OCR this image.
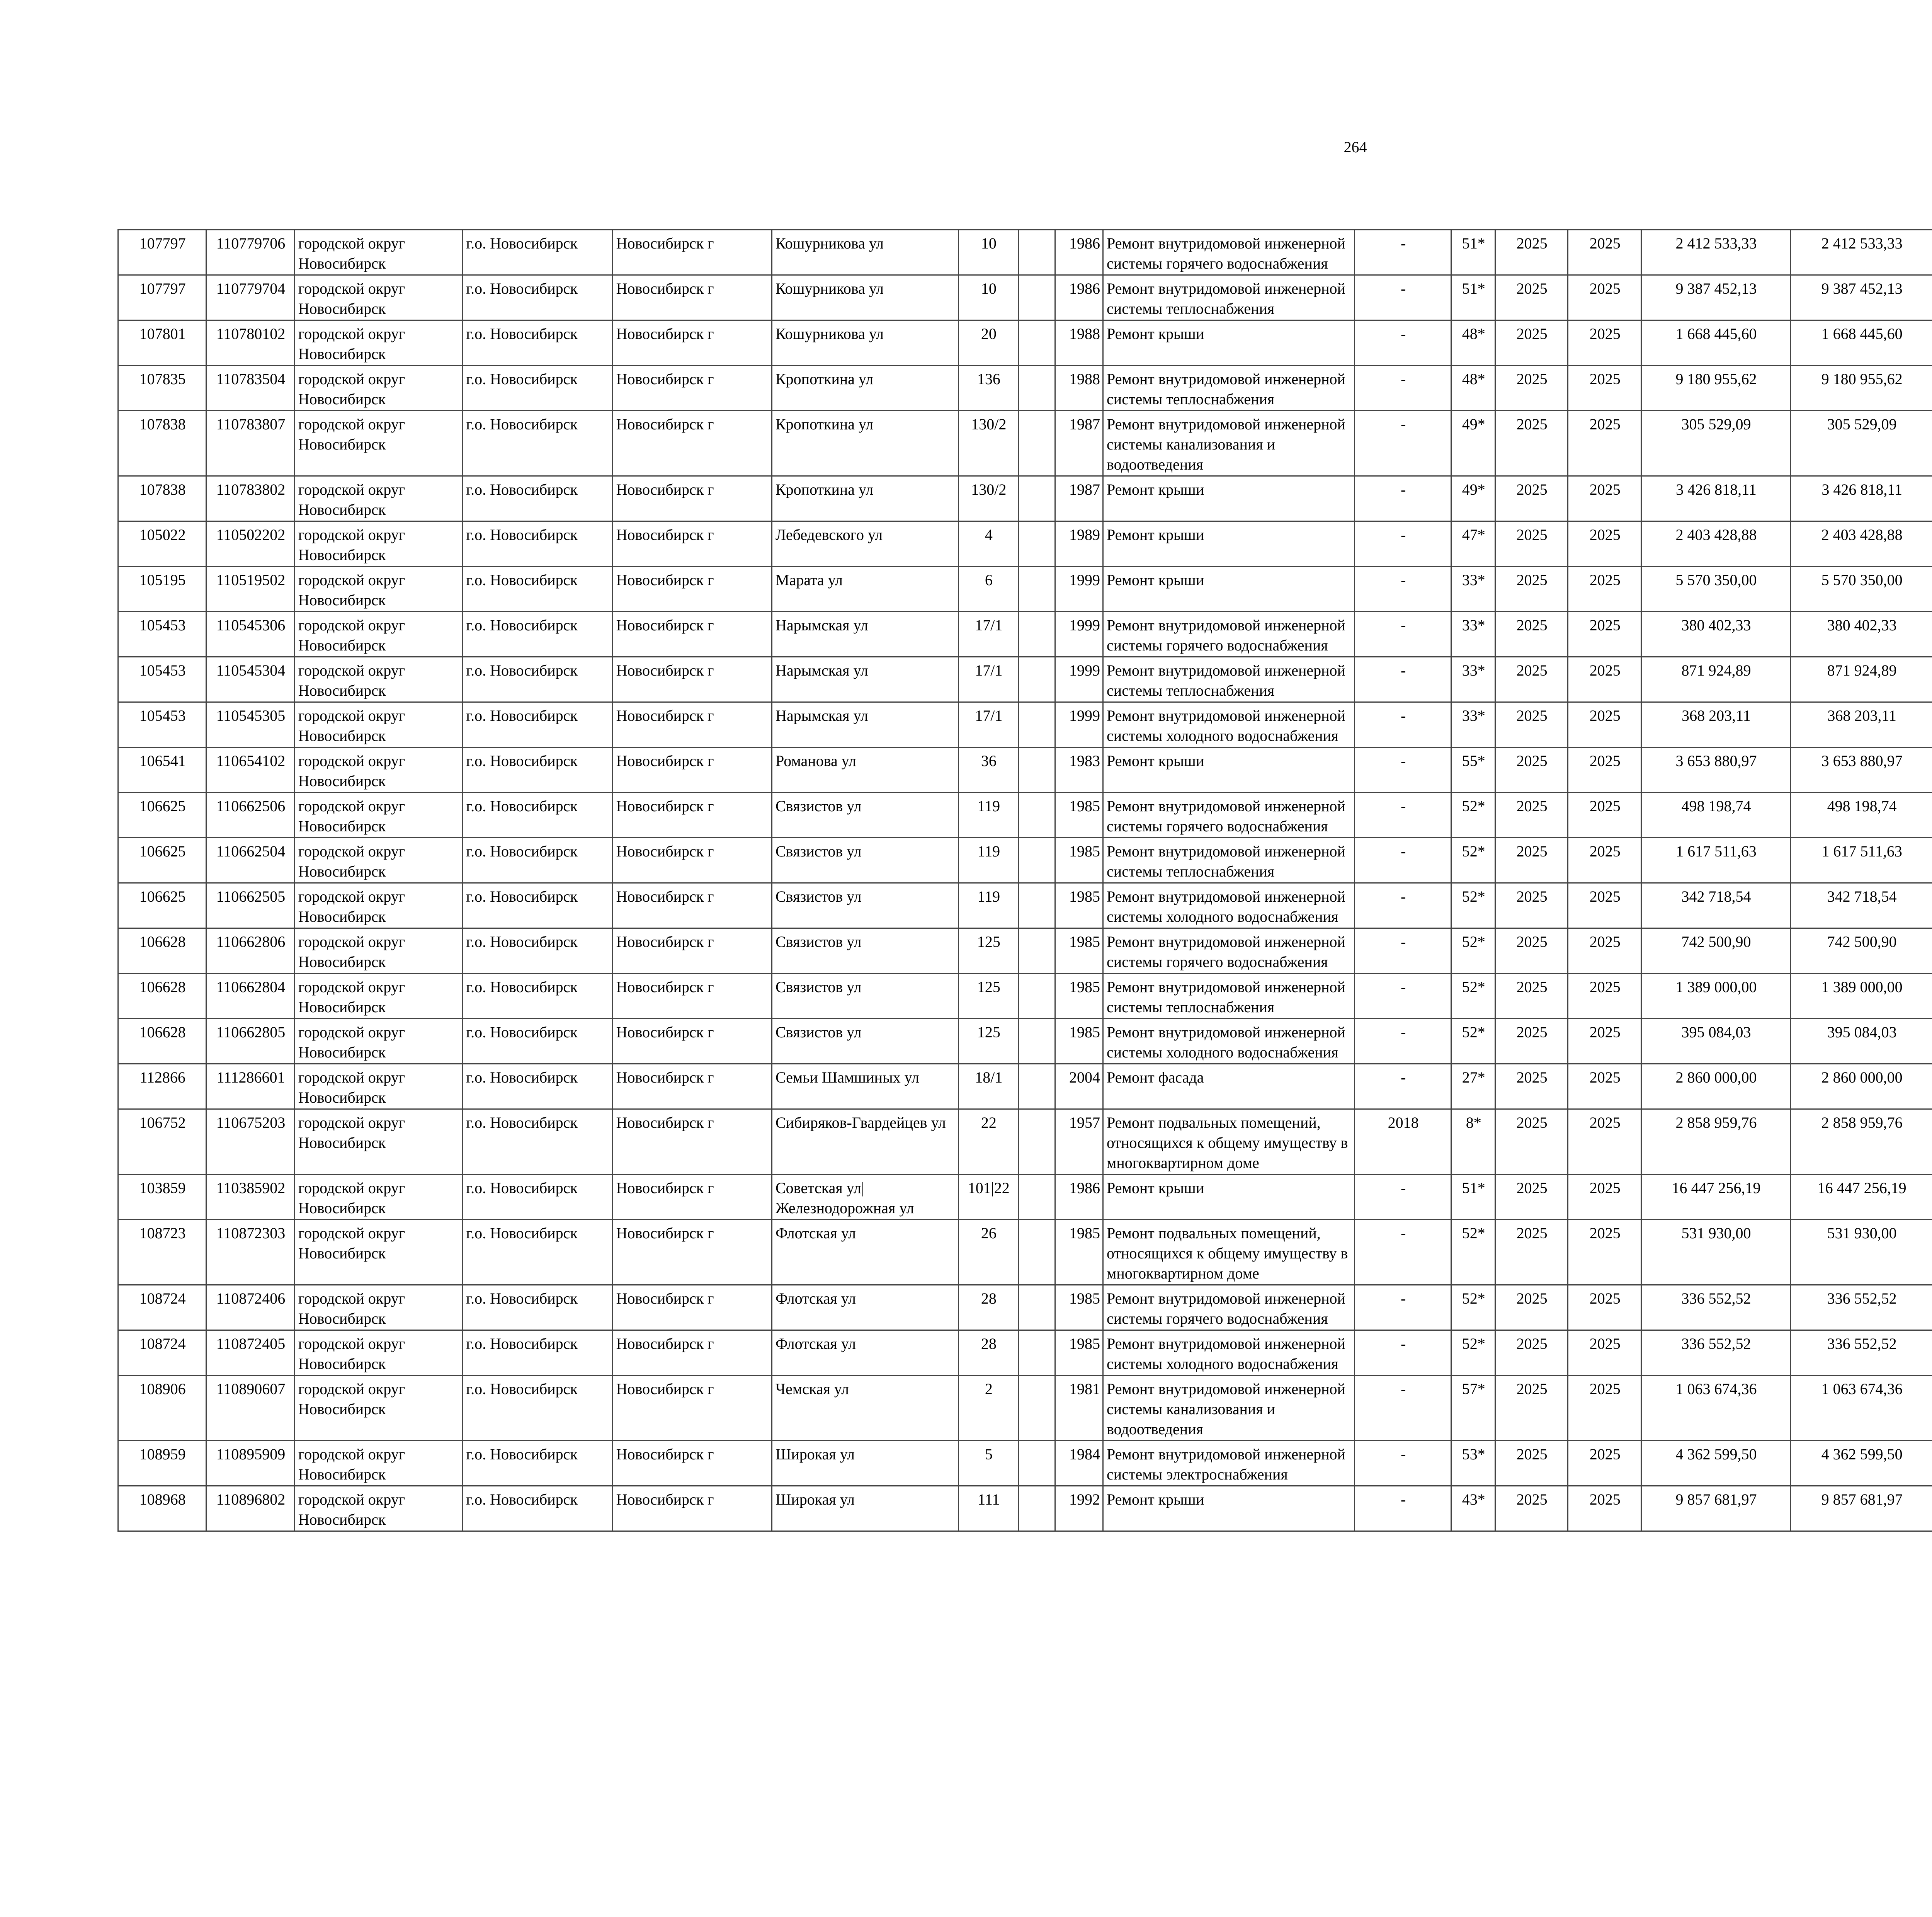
264
107797	110779706	городской округ Новосибирск	г.о. Новосибирск	Новосибирск г	Кошурникова ул	10		1986	Ремонт внутридомовой инженерной системы горячего водоснабжения	-	51*	2025	2025	2 412 533,33	2 412 533,33						
107797	110779704	городской округ Новосибирск	г.о. Новосибирск	Новосибирск г	Кошурникова ул	10		1986	Ремонт внутридомовой инженерной системы теплоснабжения	-	51*	2025	2025	9 387 452,13	9 387 452,13						
107801	110780102	городской округ Новосибирск	г.о. Новосибирск	Новосибирск г	Кошурникова ул	20		1988	Ремонт крыши	-	48*	2025	2025	1 668 445,60	1 668 445,60						
107835	110783504	городской округ Новосибирск	г.о. Новосибирск	Новосибирск г	Кропоткина ул	136		1988	Ремонт внутридомовой инженерной системы теплоснабжения	-	48*	2025	2025	9 180 955,62	9 180 955,62						
107838	110783807	городской округ Новосибирск	г.о. Новосибирск	Новосибирск г	Кропоткина ул	130/2		1987	Ремонт внутридомовой инженерной системы канализования и водоотведения	-	49*	2025	2025	305 529,09	305 529,09						
107838	110783802	городской округ Новосибирск	г.о. Новосибирск	Новосибирск г	Кропоткина ул	130/2		1987	Ремонт крыши	-	49*	2025	2025	3 426 818,11	3 426 818,11						
105022	110502202	городской округ Новосибирск	г.о. Новосибирск	Новосибирск г	Лебедевского ул	4		1989	Ремонт крыши	-	47*	2025	2025	2 403 428,88	2 403 428,88						
105195	110519502	городской округ Новосибирск	г.о. Новосибирск	Новосибирск г	Марата ул	6		1999	Ремонт крыши	-	33*	2025	2025	5 570 350,00	5 570 350,00						
105453	110545306	городской округ Новосибирск	г.о. Новосибирск	Новосибирск г	Нарымская ул	17/1		1999	Ремонт внутридомовой инженерной системы горячего водоснабжения	-	33*	2025	2025	380 402,33	380 402,33						
105453	110545304	городской округ Новосибирск	г.о. Новосибирск	Новосибирск г	Нарымская ул	17/1		1999	Ремонт внутридомовой инженерной системы теплоснабжения	-	33*	2025	2025	871 924,89	871 924,89						
105453	110545305	городской округ Новосибирск	г.о. Новосибирск	Новосибирск г	Нарымская ул	17/1		1999	Ремонт внутридомовой инженерной системы холодного водоснабжения	-	33*	2025	2025	368 203,11	368 203,11						
106541	110654102	городской округ Новосибирск	г.о. Новосибирск	Новосибирск г	Романова ул	36		1983	Ремонт крыши	-	55*	2025	2025	3 653 880,97	3 653 880,97						
106625	110662506	городской округ Новосибирск	г.о. Новосибирск	Новосибирск г	Связистов ул	119		1985	Ремонт внутридомовой инженерной системы горячего водоснабжения	-	52*	2025	2025	498 198,74	498 198,74						
106625	110662504	городской округ Новосибирск	г.о. Новосибирск	Новосибирск г	Связистов ул	119		1985	Ремонт внутридомовой инженерной системы теплоснабжения	-	52*	2025	2025	1 617 511,63	1 617 511,63						
106625	110662505	городской округ Новосибирск	г.о. Новосибирск	Новосибирск г	Связистов ул	119		1985	Ремонт внутридомовой инженерной системы холодного водоснабжения	-	52*	2025	2025	342 718,54	342 718,54						
106628	110662806	городской округ Новосибирск	г.о. Новосибирск	Новосибирск г	Связистов ул	125		1985	Ремонт внутридомовой инженерной системы горячего водоснабжения	-	52*	2025	2025	742 500,90	742 500,90						
106628	110662804	городской округ Новосибирск	г.о. Новосибирск	Новосибирск г	Связистов ул	125		1985	Ремонт внутридомовой инженерной системы теплоснабжения	-	52*	2025	2025	1 389 000,00	1 389 000,00						
106628	110662805	городской округ Новосибирск	г.о. Новосибирск	Новосибирск г	Связистов ул	125		1985	Ремонт внутридомовой инженерной системы холодного водоснабжения	-	52*	2025	2025	395 084,03	395 084,03						
112866	111286601	городской округ Новосибирск	г.о. Новосибирск	Новосибирск г	Семьи Шамшиных ул	18/1		2004	Ремонт фасада	-	27*	2025	2025	2 860 000,00	2 860 000,00						
106752	110675203	городской округ Новосибирск	г.о. Новосибирск	Новосибирск г	Сибиряков-Гвардейцев ул	22		1957	Ремонт подвальных помещений, относящихся к общему имуществу в многоквартирном доме	2018	8*	2025	2025	2 858 959,76	2 858 959,76						
103859	110385902	городской округ Новосибирск	г.о. Новосибирск	Новосибирск г	Советская ул| Железнодорожная ул	101|22		1986	Ремонт крыши	-	51*	2025	2025	16 447 256,19	16 447 256,19						
108723	110872303	городской округ Новосибирск	г.о. Новосибирск	Новосибирск г	Флотская ул	26		1985	Ремонт подвальных помещений, относящихся к общему имуществу в многоквартирном доме	-	52*	2025	2025	531 930,00	531 930,00						
108724	110872406	городской округ Новосибирск	г.о. Новосибирск	Новосибирск г	Флотская ул	28		1985	Ремонт внутридомовой инженерной системы горячего водоснабжения	-	52*	2025	2025	336 552,52	336 552,52						
108724	110872405	городской округ Новосибирск	г.о. Новосибирск	Новосибирск г	Флотская ул	28		1985	Ремонт внутридомовой инженерной системы холодного водоснабжения	-	52*	2025	2025	336 552,52	336 552,52						
108906	110890607	городской округ Новосибирск	г.о. Новосибирск	Новосибирск г	Чемская ул	2		1981	Ремонт внутридомовой инженерной системы канализования и водоотведения	-	57*	2025	2025	1 063 674,36	1 063 674,36						
108959	110895909	городской округ Новосибирск	г.о. Новосибирск	Новосибирск г	Широкая ул	5		1984	Ремонт внутридомовой инженерной системы электроснабжения	-	53*	2025	2025	4 362 599,50	4 362 599,50						
108968	110896802	городской округ Новосибирск	г.о. Новосибирск	Новосибирск г	Широкая ул	111		1992	Ремонт крыши	-	43*	2025	2025	9 857 681,97	9 857 681,97						
